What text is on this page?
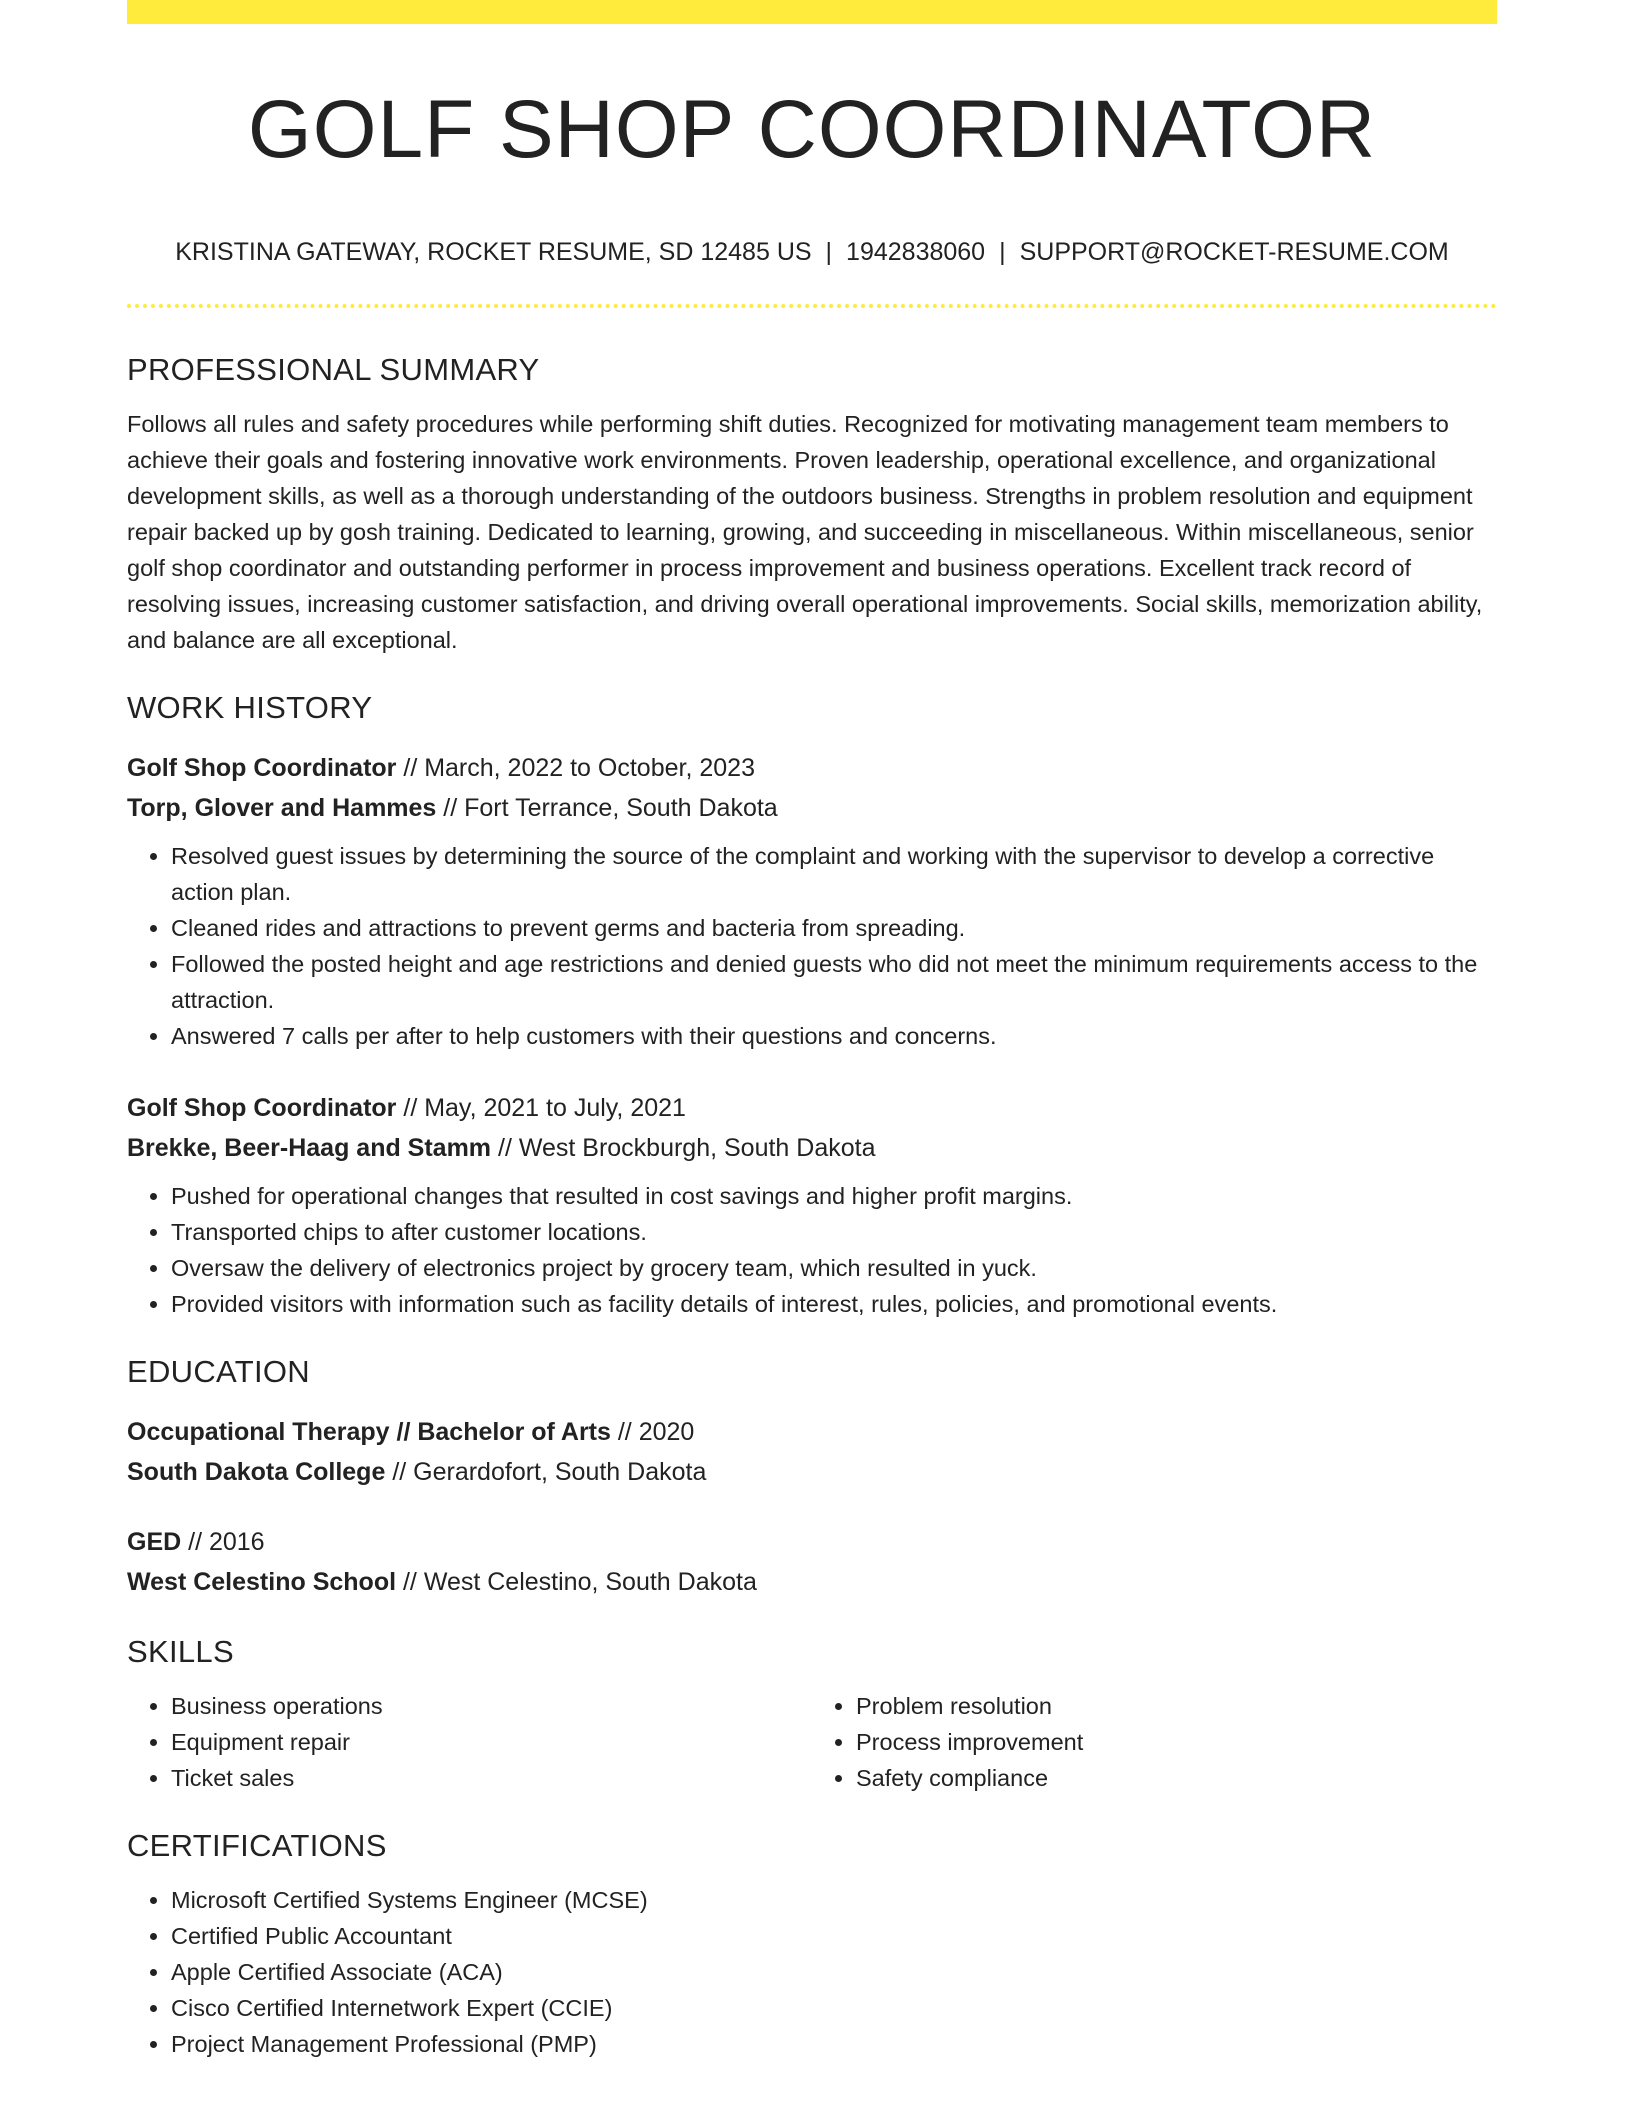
GOLF SHOP COORDINATOR
KRISTINA GATEWAY, ROCKET RESUME, SD 12485 US | 1942838060 | SUPPORT@ROCKET-RESUME.COM
PROFESSIONAL SUMMARY

Follows all rules and safety procedures while performing shift duties. Recognized for motivating management team members to achieve their goals and fostering innovative work environments. Proven leadership, operational excellence, and organizational development skills, as well as a thorough understanding of the outdoors business. Strengths in problem resolution and equipment repair backed up by gosh training. Dedicated to learning, growing, and succeeding in miscellaneous. Within miscellaneous, senior golf shop coordinator and outstanding performer in process improvement and business operations. Excellent track record of resolving issues, increasing customer satisfaction, and driving overall operational improvements. Social skills, memorization ability, and balance are all exceptional.

WORK HISTORY
Golf Shop Coordinator // March, 2022 to October, 2023
Torp, Glover and Hammes // Fort Terrance, South Dakota
• Resolved guest issues by determining the source of the complaint and working with the supervisor to develop a corrective action plan.
• Cleaned rides and attractions to prevent germs and bacteria from spreading.
• Followed the posted height and age restrictions and denied guests who did not meet the minimum requirements access to the attraction.
• Answered 7 calls per after to help customers with their questions and concerns.
Golf Shop Coordinator // May, 2021 to July, 2021
Brekke, Beer-Haag and Stamm // West Brockburgh, South Dakota
• Pushed for operational changes that resulted in cost savings and higher profit margins.
• Transported chips to after customer locations.
• Oversaw the delivery of electronics project by grocery team, which resulted in yuck.
• Provided visitors with information such as facility details of interest, rules, policies, and promotional events.
EDUCATION
Occupational Therapy // Bachelor of Arts // 2020
South Dakota College // Gerardofort, South Dakota
GED // 2016
West Celestino School // West Celestino, South Dakota
SKILLS
• Business operations
• Equipment repair
• Ticket sales
• Problem resolution
• Process improvement
• Safety compliance
CERTIFICATIONS
• Microsoft Certified Systems Engineer (MCSE)
• Certified Public Accountant
• Apple Certified Associate (ACA)
• Cisco Certified Internetwork Expert (CCIE)
• Project Management Professional (PMP)
